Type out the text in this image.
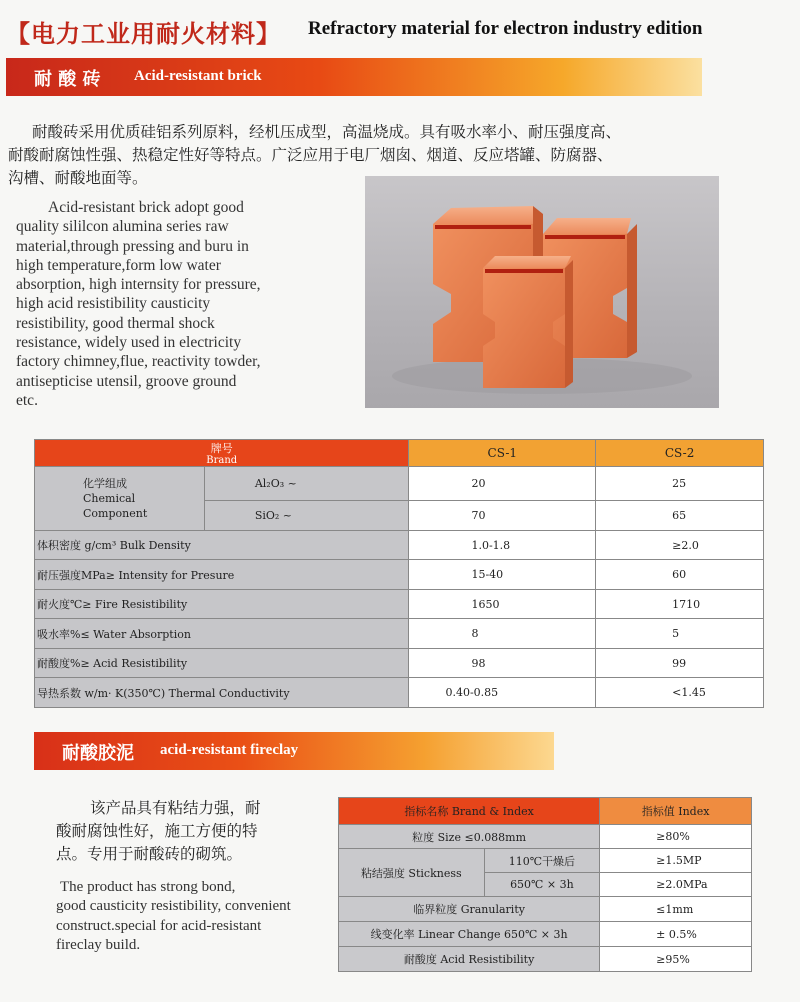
【电力工业用耐火材料】 Refractory material for electron industry edition
耐 酸 砖 Acid-resistant brick
耐酸砖采用优质硅铝系列原料，经机压成型，高温烧成。具有吸水率小、耐压强度高、
耐酸耐腐蚀性强、热稳定性好等特点。广泛应用于电厂烟囱、烟道、反应塔罐、防腐器、
沟槽、耐酸地面等。
Acid-resistant brick adopt good
quality sililcon alumina series raw
material,through pressing and buru in
high temperature,form low water
absorption, high internsity for pressure,
high acid resistibility causticity
resistibility, good thermal shock
resistance, widely used in electricity
factory chimney,flue, reactivity towder,
antisepticise utensil, groove ground
etc.
牌号
Brand		CS-1	CS-2

化学组成
Chemical
Component	Al₂O₃ ~	20	25
	SiO₂ ~	70	65
体积密度 g/cm³ Bulk Density		1.0-1.8	≥2.0
耐压强度MPa≥ Intensity for Presure		15-40	60
耐火度℃≥ Fire Resistibility		1650	1710
吸水率%≤ Water Absorption		8	5
耐酸度%≥ Acid Resistibility		98	99
导热系数 w/m· K(350℃) Thermal Conductivity		0.40-0.85	<1.45
耐酸胶泥 acid-resistant fireclay
该产品具有粘结力强，耐
酸耐腐蚀性好，施工方便的特
点。专用于耐酸砖的砌筑。
The product has strong bond,
good causticity resistibility, convenient
construct.special for acid-resistant
fireclay build.
指标名称 Brand & Index		指标值 Index
粒度 Size ≤0.088mm		≥80%
粘结强度 Stickness	110℃干燥后	≥1.5MP
	650℃ × 3h	≥2.0MPa
临界粒度 Granularity		≤1mm
线变化率 Linear Change 650℃ × 3h		± 0.5%
耐酸度 Acid Resistibility		≥95%
